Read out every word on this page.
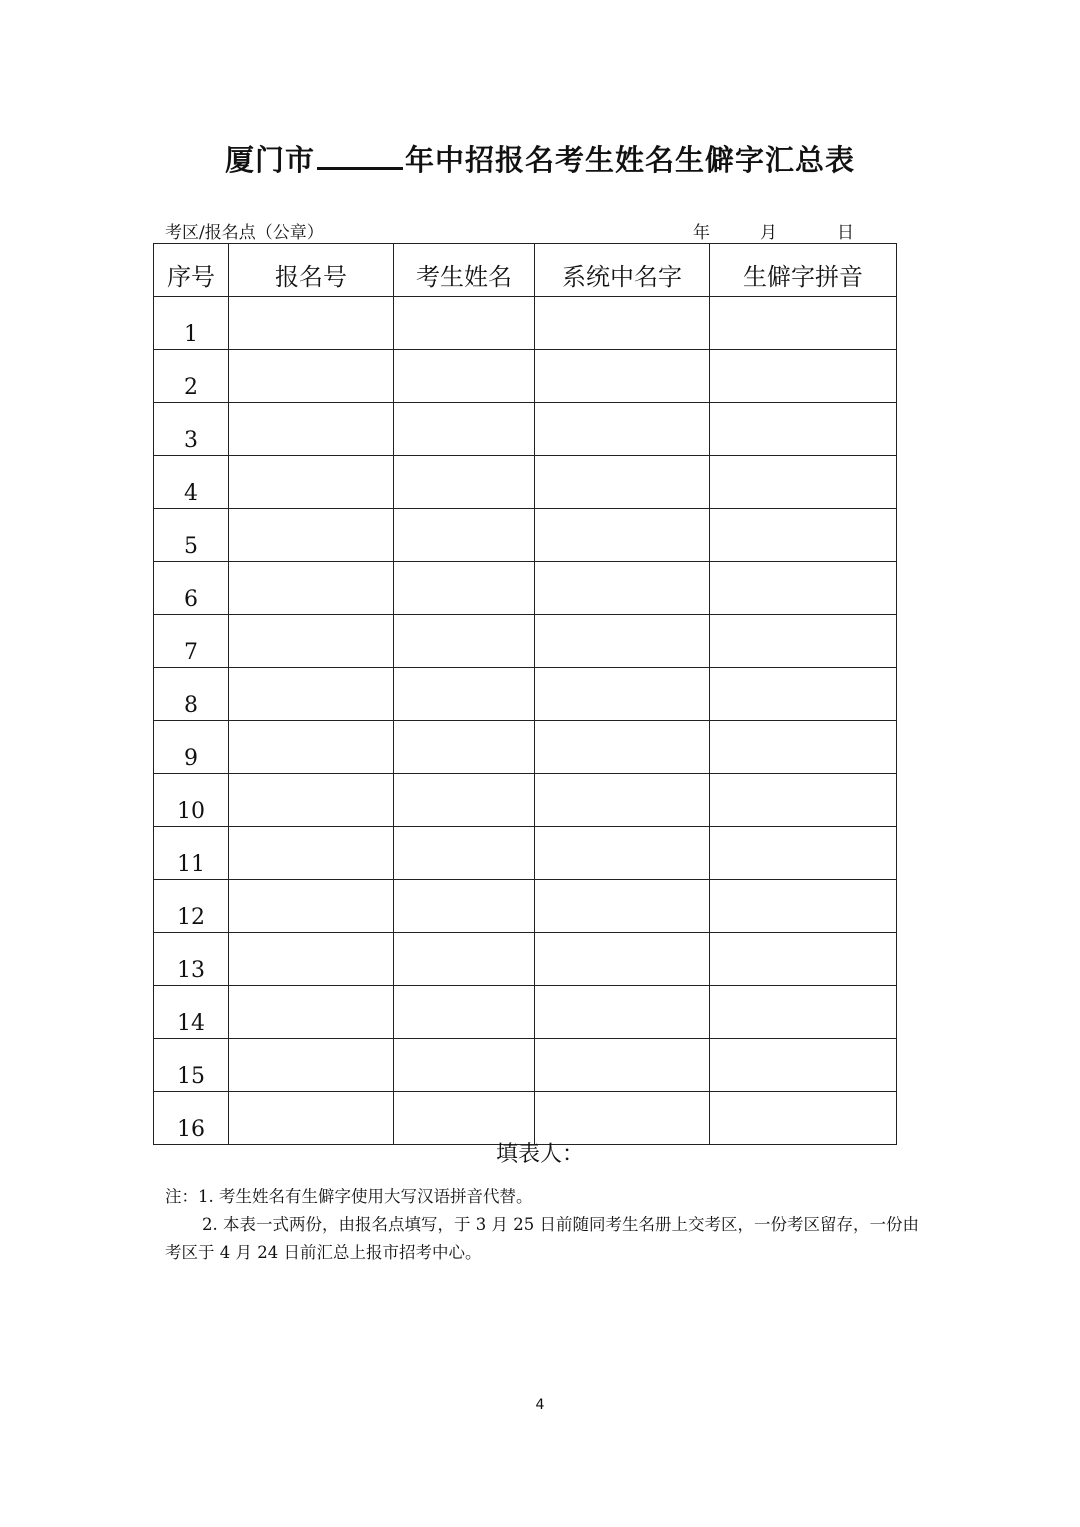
厦门市	年中招报名考生姓名生僻字汇总表
考区/报名点（公章）	年	月	日
序号	报名号	考生姓名	系统中名字	生僻字拼音
1				
2				
3				
4				
5				
6				
7				
8				
9				
10				
11				
12				
13				
14				
15				
16				
填表人：
注：1. 考生姓名有生僻字使用大写汉语拼音代替。
2. 本表一式两份，由报名点填写，于 3 月 25 日前随同考生名册上交考区，一份考区留存，一份由考区于 4 月 24 日前汇总上报市招考中心。
4
